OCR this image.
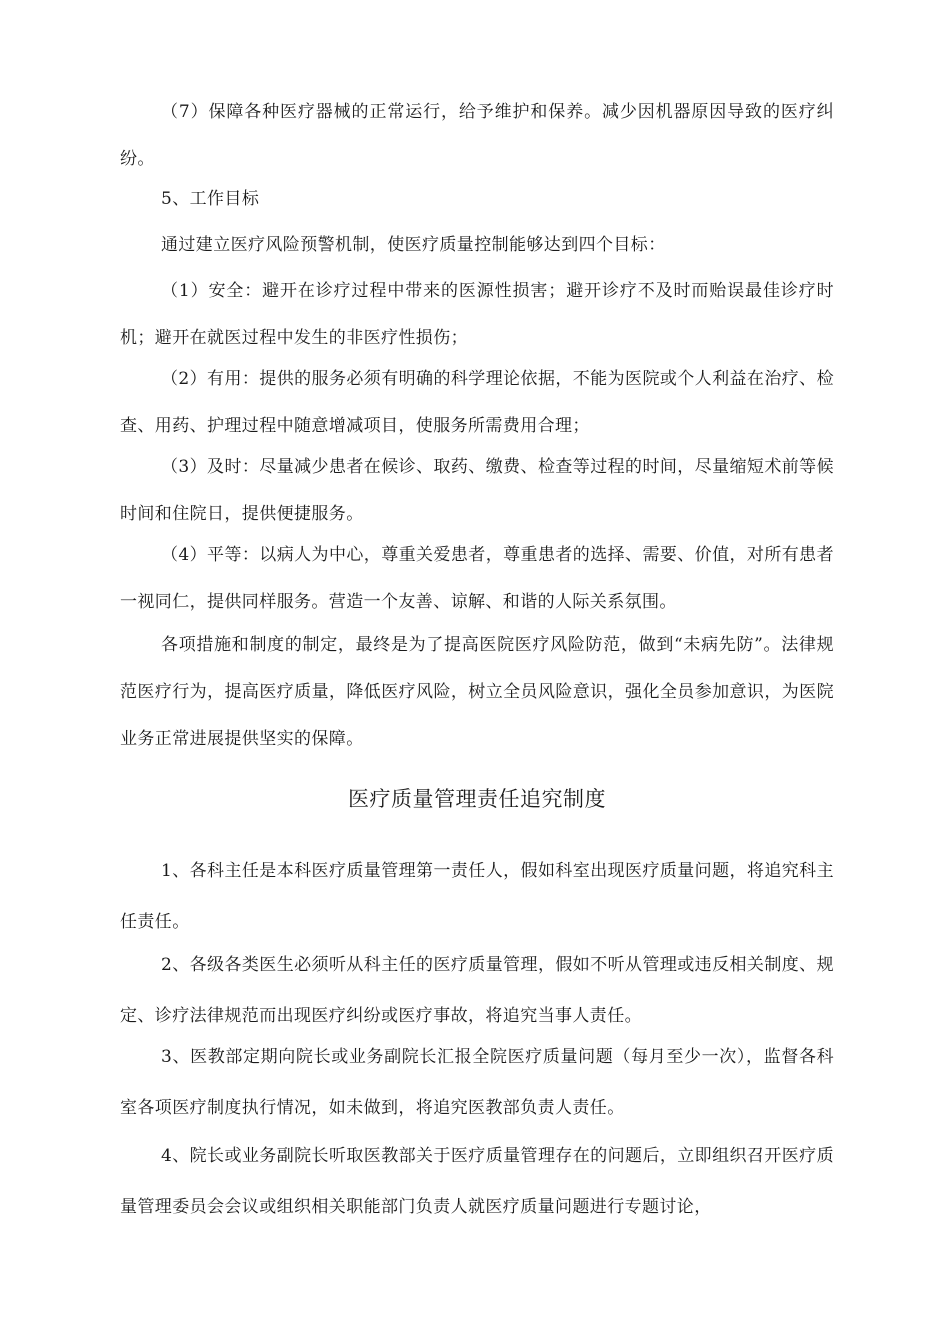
（7）保障各种医疗器械的正常运行，给予维护和保养。减少因机器原因导致的医疗纠纷。

5、工作目标

通过建立医疗风险预警机制，使医疗质量控制能够达到四个目标：

（1）安全：避开在诊疗过程中带来的医源性损害；避开诊疗不及时而贻误最佳诊疗时机；避开在就医过程中发生的非医疗性损伤；

（2）有用：提供的服务必须有明确的科学理论依据，不能为医院或个人利益在治疗、检查、用药、护理过程中随意增减项目，使服务所需费用合理；

（3）及时：尽量减少患者在候诊、取药、缴费、检查等过程的时间，尽量缩短术前等候时间和住院日，提供便捷服务。

（4）平等：以病人为中心，尊重关爱患者，尊重患者的选择、需要、价值，对所有患者一视同仁，提供同样服务。营造一个友善、谅解、和谐的人际关系氛围。

各项措施和制度的制定，最终是为了提高医院医疗风险防范，做到“未病先防”。法律规范医疗行为，提高医疗质量，降低医疗风险，树立全员风险意识，强化全员参加意识，为医院业务正常进展提供坚实的保障。

医疗质量管理责任追究制度

1、各科主任是本科医疗质量管理第一责任人，假如科室出现医疗质量问题，将追究科主任责任。

2、各级各类医生必须听从科主任的医疗质量管理，假如不听从管理或违反相关制度、规定、诊疗法律规范而出现医疗纠纷或医疗事故，将追究当事人责任。

3、医教部定期向院长或业务副院长汇报全院医疗质量问题（每月至少一次），监督各科室各项医疗制度执行情况，如未做到，将追究医教部负责人责任。

4、院长或业务副院长听取医教部关于医疗质量管理存在的问题后，立即组织召开医疗质量管理委员会会议或组织相关职能部门负责人就医疗质量问题进行专题讨论，
